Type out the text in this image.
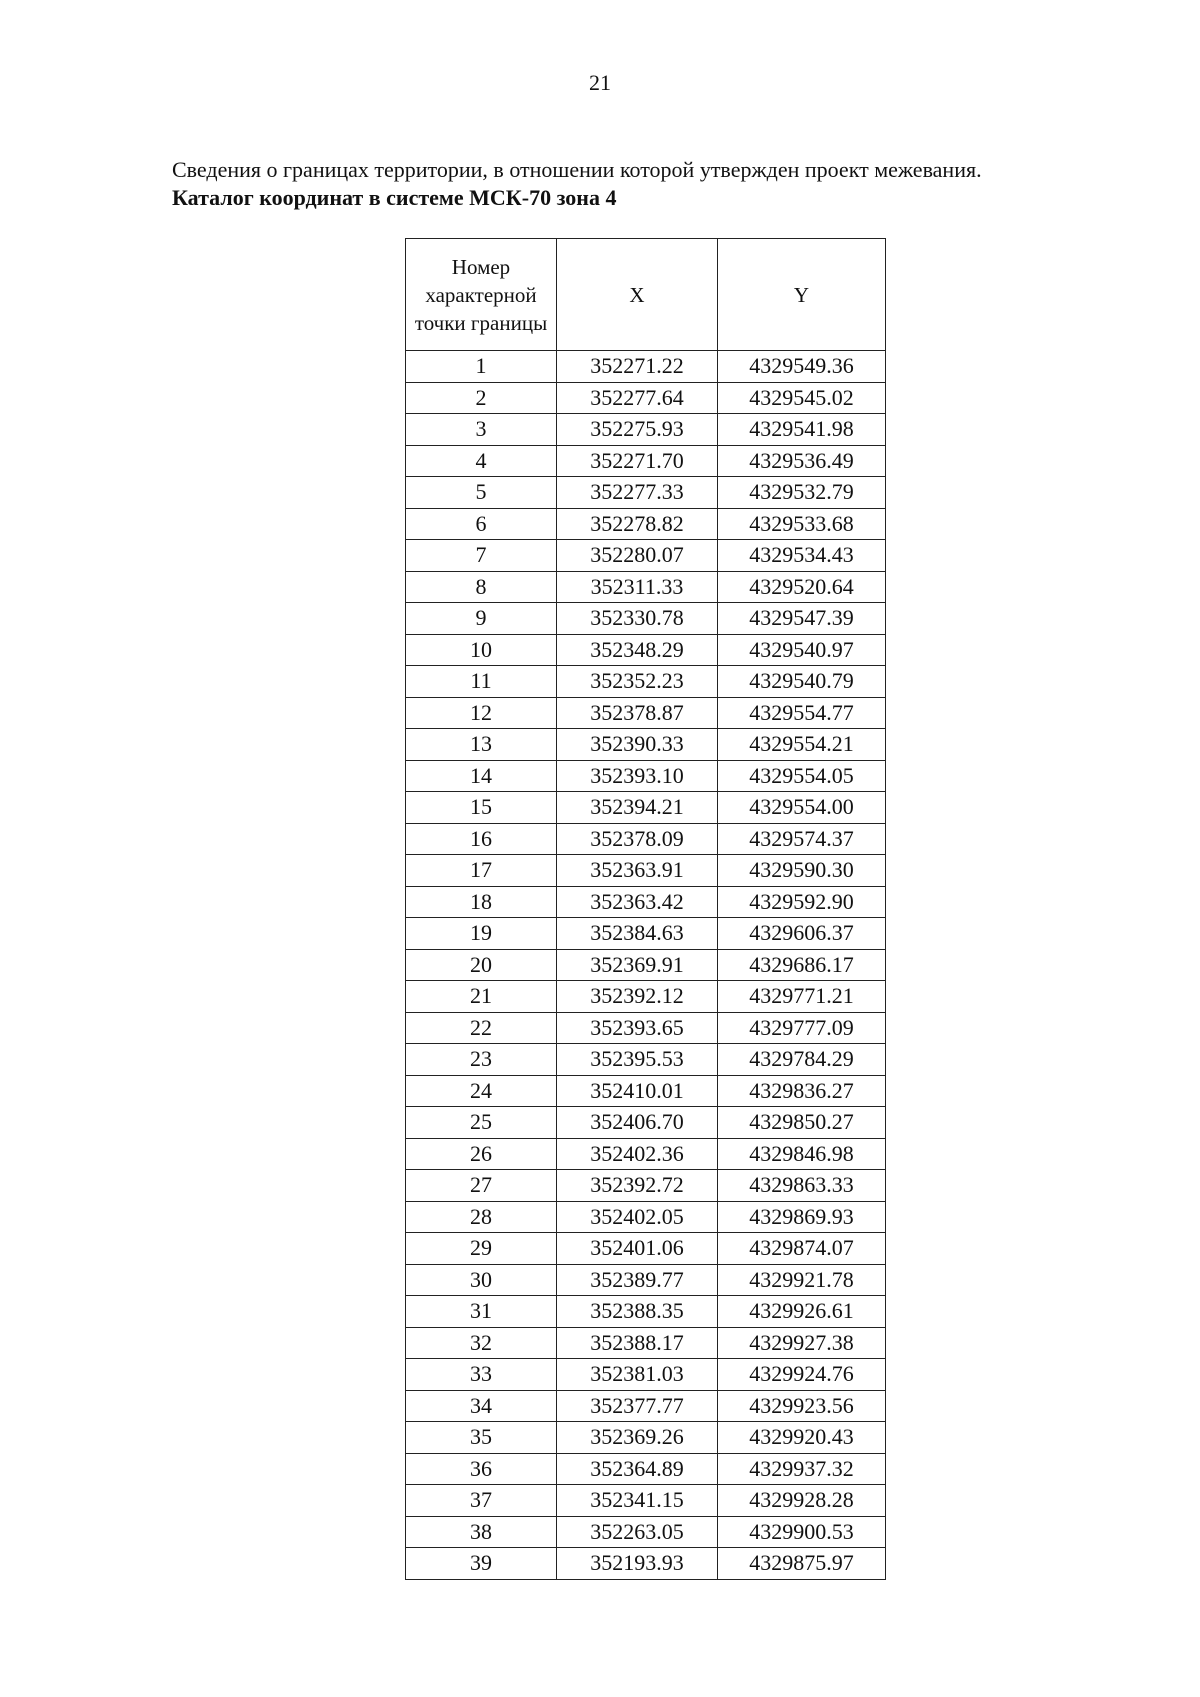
21
Сведения о границах территории, в отношении которой утвержден проект межевания.
Каталог координат в системе МСК-70 зона 4
Номер характерной точки границы	X	Y
1	352271.22	4329549.36
2	352277.64	4329545.02
3	352275.93	4329541.98
4	352271.70	4329536.49
5	352277.33	4329532.79
6	352278.82	4329533.68
7	352280.07	4329534.43
8	352311.33	4329520.64
9	352330.78	4329547.39
10	352348.29	4329540.97
11	352352.23	4329540.79
12	352378.87	4329554.77
13	352390.33	4329554.21
14	352393.10	4329554.05
15	352394.21	4329554.00
16	352378.09	4329574.37
17	352363.91	4329590.30
18	352363.42	4329592.90
19	352384.63	4329606.37
20	352369.91	4329686.17
21	352392.12	4329771.21
22	352393.65	4329777.09
23	352395.53	4329784.29
24	352410.01	4329836.27
25	352406.70	4329850.27
26	352402.36	4329846.98
27	352392.72	4329863.33
28	352402.05	4329869.93
29	352401.06	4329874.07
30	352389.77	4329921.78
31	352388.35	4329926.61
32	352388.17	4329927.38
33	352381.03	4329924.76
34	352377.77	4329923.56
35	352369.26	4329920.43
36	352364.89	4329937.32
37	352341.15	4329928.28
38	352263.05	4329900.53
39	352193.93	4329875.97
